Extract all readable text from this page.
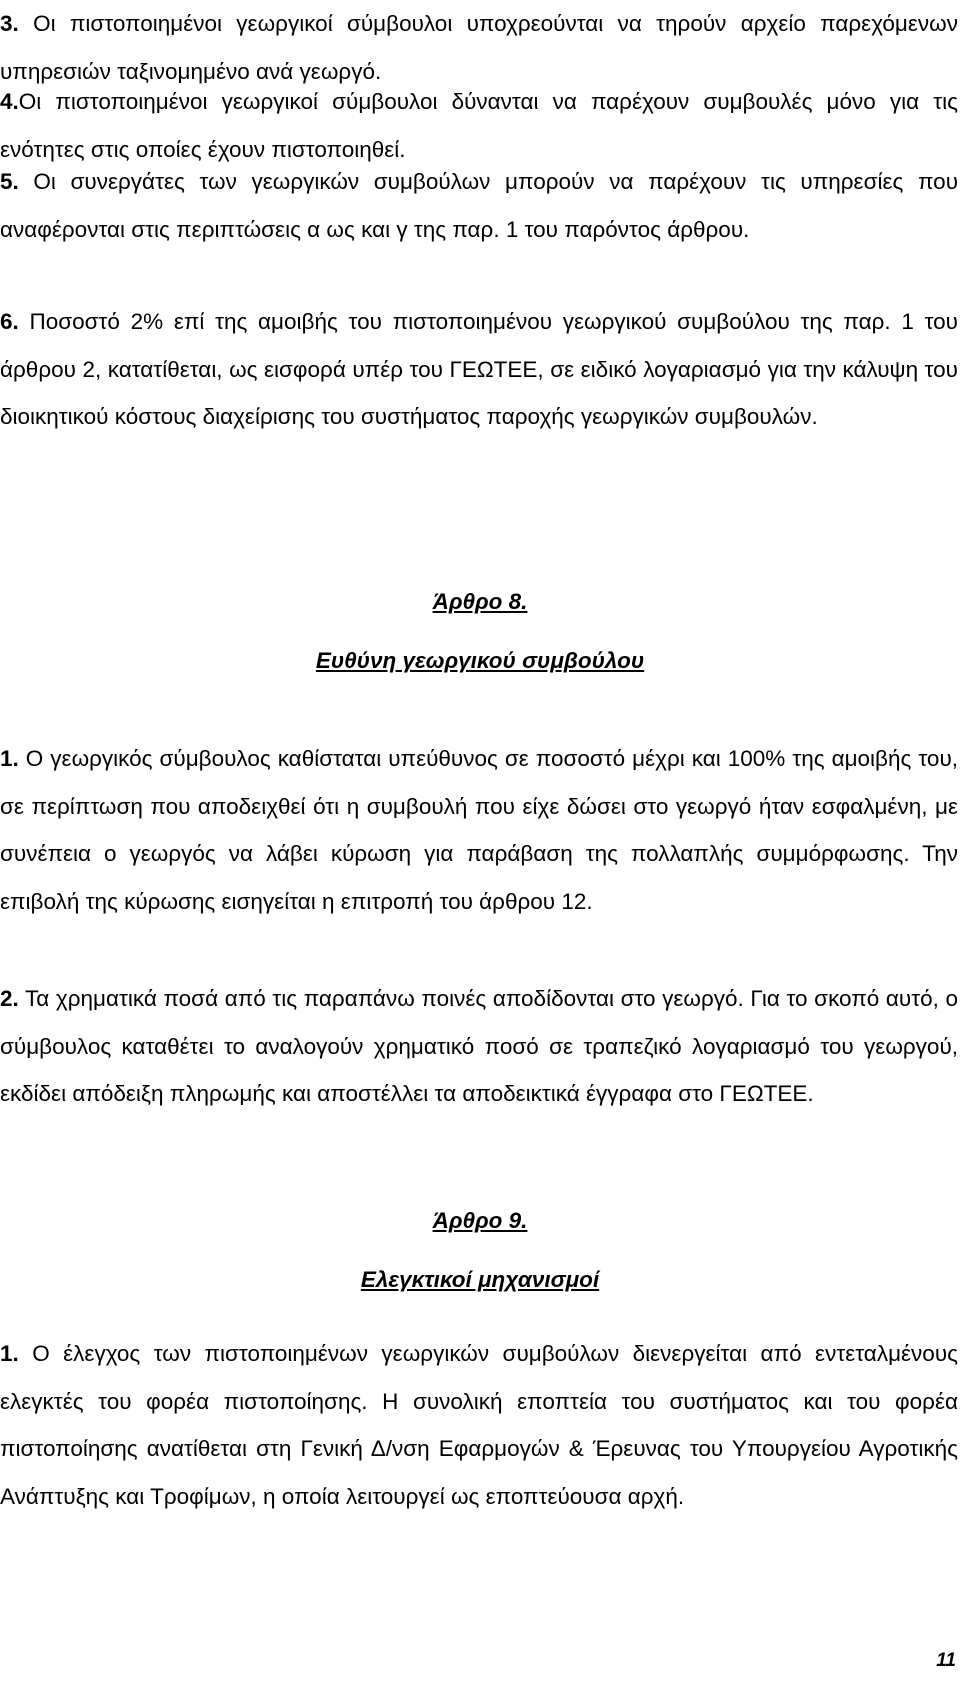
3. Οι πιστοποιημένοι γεωργικοί σύμβουλοι υποχρεούνται να τηρούν αρχείο παρεχόμενων υπηρεσιών ταξινομημένο ανά γεωργό.

4.Οι πιστοποιημένοι γεωργικοί σύμβουλοι δύνανται να παρέχουν συμβουλές μόνο για τις ενότητες στις οποίες έχουν πιστοποιηθεί.

5. Οι συνεργάτες των γεωργικών συμβούλων μπορούν να παρέχουν τις υπηρεσίες που αναφέρονται στις περιπτώσεις α ως και γ της παρ. 1 του παρόντος άρθρου.

6. Ποσοστό 2% επί της αμοιβής του πιστοποιημένου γεωργικού συμβούλου της παρ. 1 του άρθρου 2, κατατίθεται, ως εισφορά υπέρ του ΓΕΩΤΕΕ, σε ειδικό λογαριασμό για την κάλυψη του διοικητικού κόστους διαχείρισης του συστήματος παροχής γεωργικών συμβουλών.

Άρθρο 8.
Ευθύνη γεωργικού συμβούλου

1. Ο γεωργικός σύμβουλος καθίσταται υπεύθυνος σε ποσοστό μέχρι και 100% της αμοιβής του, σε περίπτωση που αποδειχθεί ότι η συμβουλή που είχε δώσει στο γεωργό ήταν εσφαλμένη, με συνέπεια ο γεωργός να λάβει κύρωση για παράβαση της πολλαπλής συμμόρφωσης. Την επιβολή της κύρωσης εισηγείται η επιτροπή του άρθρου 12.

2. Τα χρηματικά ποσά από τις παραπάνω ποινές αποδίδονται στο γεωργό. Για το σκοπό αυτό, ο σύμβουλος καταθέτει το αναλογούν χρηματικό ποσό σε τραπεζικό λογαριασμό του γεωργού, εκδίδει απόδειξη πληρωμής και αποστέλλει τα αποδεικτικά έγγραφα στο ΓΕΩΤΕΕ.

Άρθρο 9.
Ελεγκτικοί μηχανισμοί

1. Ο έλεγχος των πιστοποιημένων γεωργικών συμβούλων διενεργείται από εντεταλμένους ελεγκτές του φορέα πιστοποίησης. Η συνολική εποπτεία του συστήματος και του φορέα πιστοποίησης ανατίθεται στη Γενική Δ/νση Εφαρμογών & Έρευνας του Υπουργείου Αγροτικής Ανάπτυξης και Τροφίμων, η οποία λειτουργεί ως εποπτεύουσα αρχή.

11
